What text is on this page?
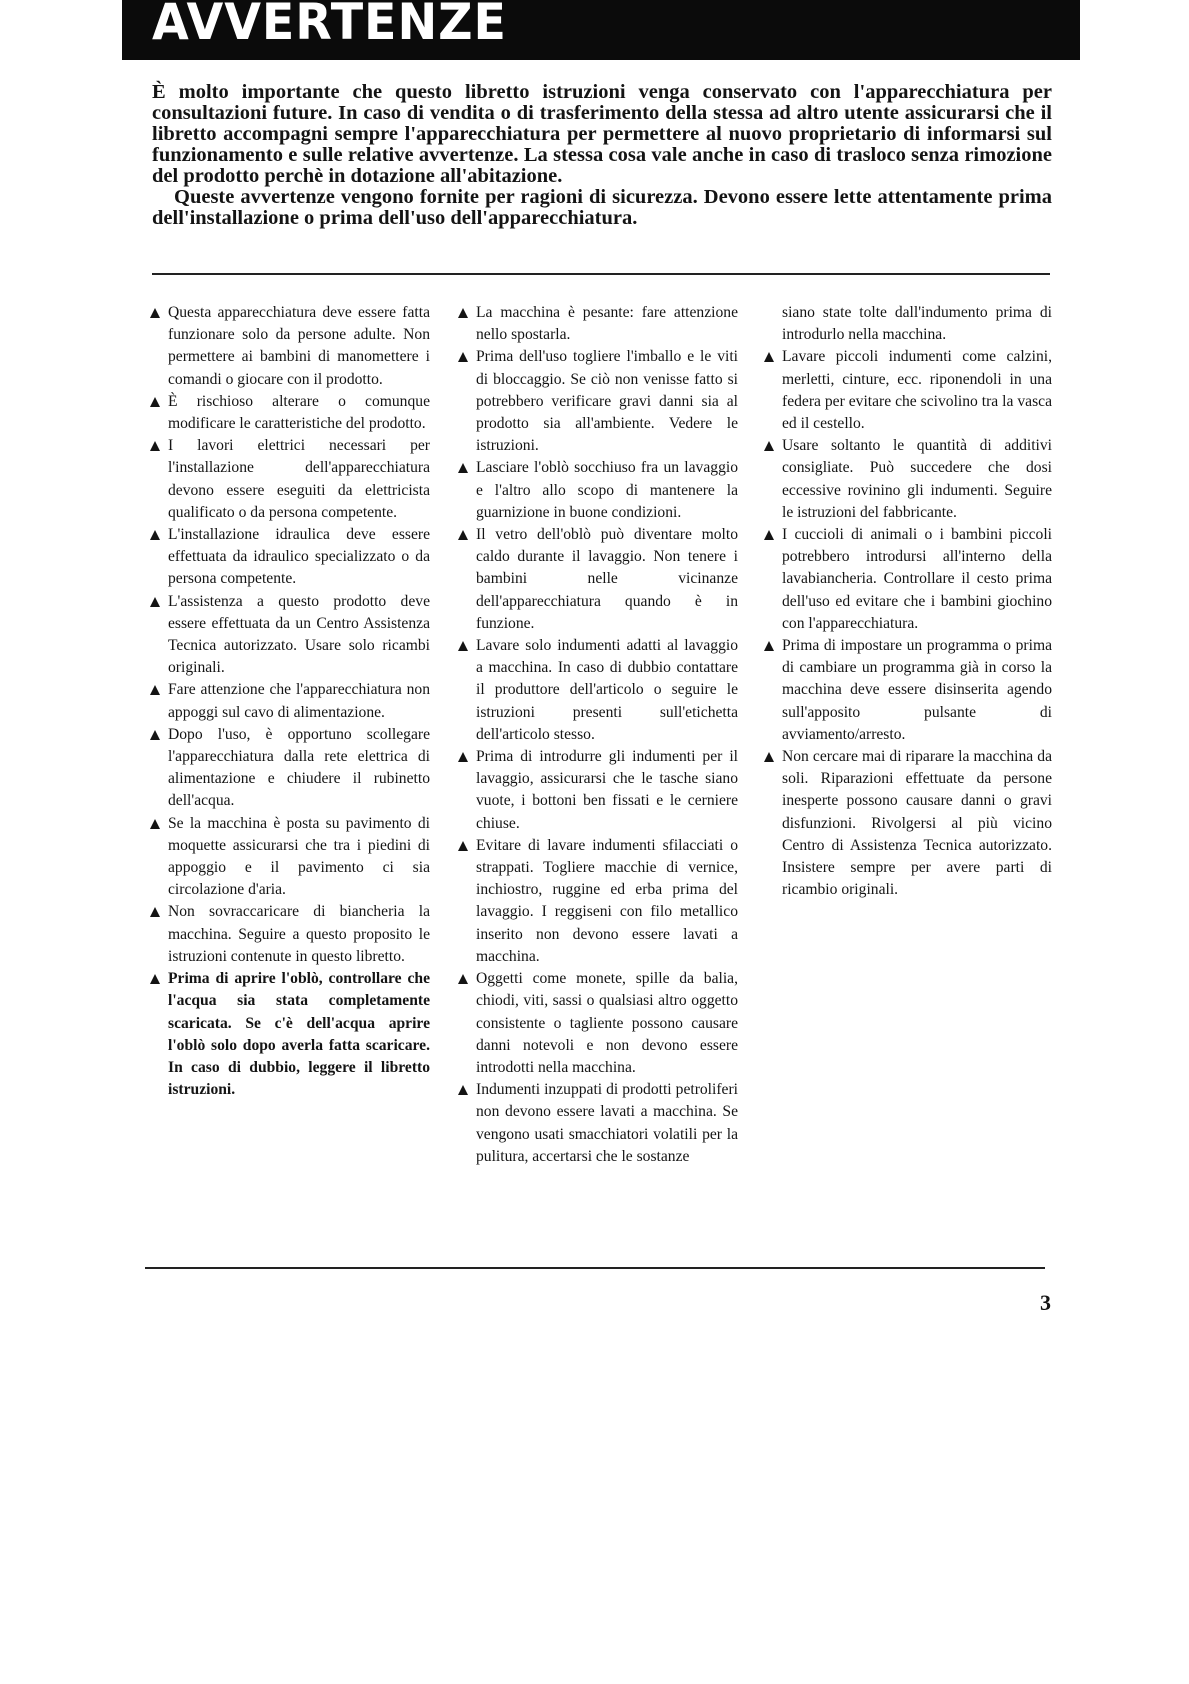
AVVERTENZE

È molto importante che questo libretto istruzioni venga conservato con l'apparecchiatura per consultazioni future. In caso di vendita o di trasferimento della stessa ad altro utente assicurarsi che il libretto accompagni sempre l'apparecchiatura per permettere al nuovo proprietario di informarsi sul funzionamento e sulle relative avvertenze. La stessa cosa vale anche in caso di trasloco senza rimozione del prodotto perchè in dotazione all'abitazione.

Queste avvertenze vengono fornite per ragioni di sicurezza. Devono essere lette attentamente prima dell'installazione o prima dell'uso dell'apparecchiatura.

Questa apparecchiatura deve essere fatta funzionare solo da persone adulte. Non permettere ai bambini di manomettere i comandi o giocare con il prodotto.
È rischioso alterare o comunque modificare le caratteristiche del prodotto.
I lavori elettrici necessari per l'installazione dell'apparecchiatura devono essere eseguiti da elettricista qualificato o da persona competente.
L'installazione idraulica deve essere effettuata da idraulico specializzato o da persona competente.
L'assistenza a questo prodotto deve essere effettuata da un Centro Assistenza Tecnica autorizzato. Usare solo ricambi originali.
Fare attenzione che l'apparecchiatura non appoggi sul cavo di alimentazione.
Dopo l'uso, è opportuno scollegare l'apparecchiatura dalla rete elettrica di alimentazione e chiudere il rubinetto dell'acqua.
Se la macchina è posta su pavimento di moquette assicurarsi che tra i piedini di appoggio e il pavimento ci sia circolazione d'aria.
Non sovraccaricare di biancheria la macchina. Seguire a questo proposito le istruzioni contenute in questo libretto.
Prima di aprire l'oblò, controllare che l'acqua sia stata completamente scaricata. Se c'è dell'acqua aprire l'oblò solo dopo averla fatta scaricare. In caso di dubbio, leggere il libretto istruzioni.
La macchina è pesante: fare attenzione nello spostarla.
Prima dell'uso togliere l'imballo e le viti di bloccaggio. Se ciò non venisse fatto si potrebbero verificare gravi danni sia al prodotto sia all'ambiente. Vedere le istruzioni.
Lasciare l'oblò socchiuso fra un lavaggio e l'altro allo scopo di mantenere la guarnizione in buone condizioni.
Il vetro dell'oblò può diventare molto caldo durante il lavaggio. Non tenere i bambini nelle vicinanze dell'apparecchiatura quando è in funzione.
Lavare solo indumenti adatti al lavaggio a macchina. In caso di dubbio contattare il produttore dell'articolo o seguire le istruzioni presenti sull'etichetta dell'articolo stesso.
Prima di introdurre gli indumenti per il lavaggio, assicurarsi che le tasche siano vuote, i bottoni ben fissati e le cerniere chiuse.
Evitare di lavare indumenti sfilacciati o strappati. Togliere macchie di vernice, inchiostro, ruggine ed erba prima del lavaggio. I reggiseni con filo metallico inserito non devono essere lavati a macchina.
Oggetti come monete, spille da balia, chiodi, viti, sassi o qualsiasi altro oggetto consistente o tagliente possono causare danni notevoli e non devono essere introdotti nella macchina.
Indumenti inzuppati di prodotti petroliferi non devono essere lavati a macchina. Se vengono usati smacchiatori volatili per la pulitura, accertarsi che le sostanze
siano state tolte dall'indumento prima di introdurlo nella macchina.
Lavare piccoli indumenti come calzini, merletti, cinture, ecc. riponendoli in una federa per evitare che scivolino tra la vasca ed il cestello.
Usare soltanto le quantità di additivi consigliate. Può succedere che dosi eccessive rovinino gli indumenti. Seguire le istruzioni del fabbricante.
I cuccioli di animali o i bambini piccoli potrebbero introdursi all'interno della lavabiancheria. Controllare il cesto prima dell'uso ed evitare che i bambini giochino con l'apparecchiatura.
Prima di impostare un programma o prima di cambiare un programma già in corso la macchina deve essere disinserita agendo sull'apposito pulsante di avviamento/arresto.
Non cercare mai di riparare la macchina da soli. Riparazioni effettuate da persone inesperte possono causare danni o gravi disfunzioni. Rivolgersi al più vicino Centro di Assistenza Tecnica autorizzato. Insistere sempre per avere parti di ricambio originali.
3
